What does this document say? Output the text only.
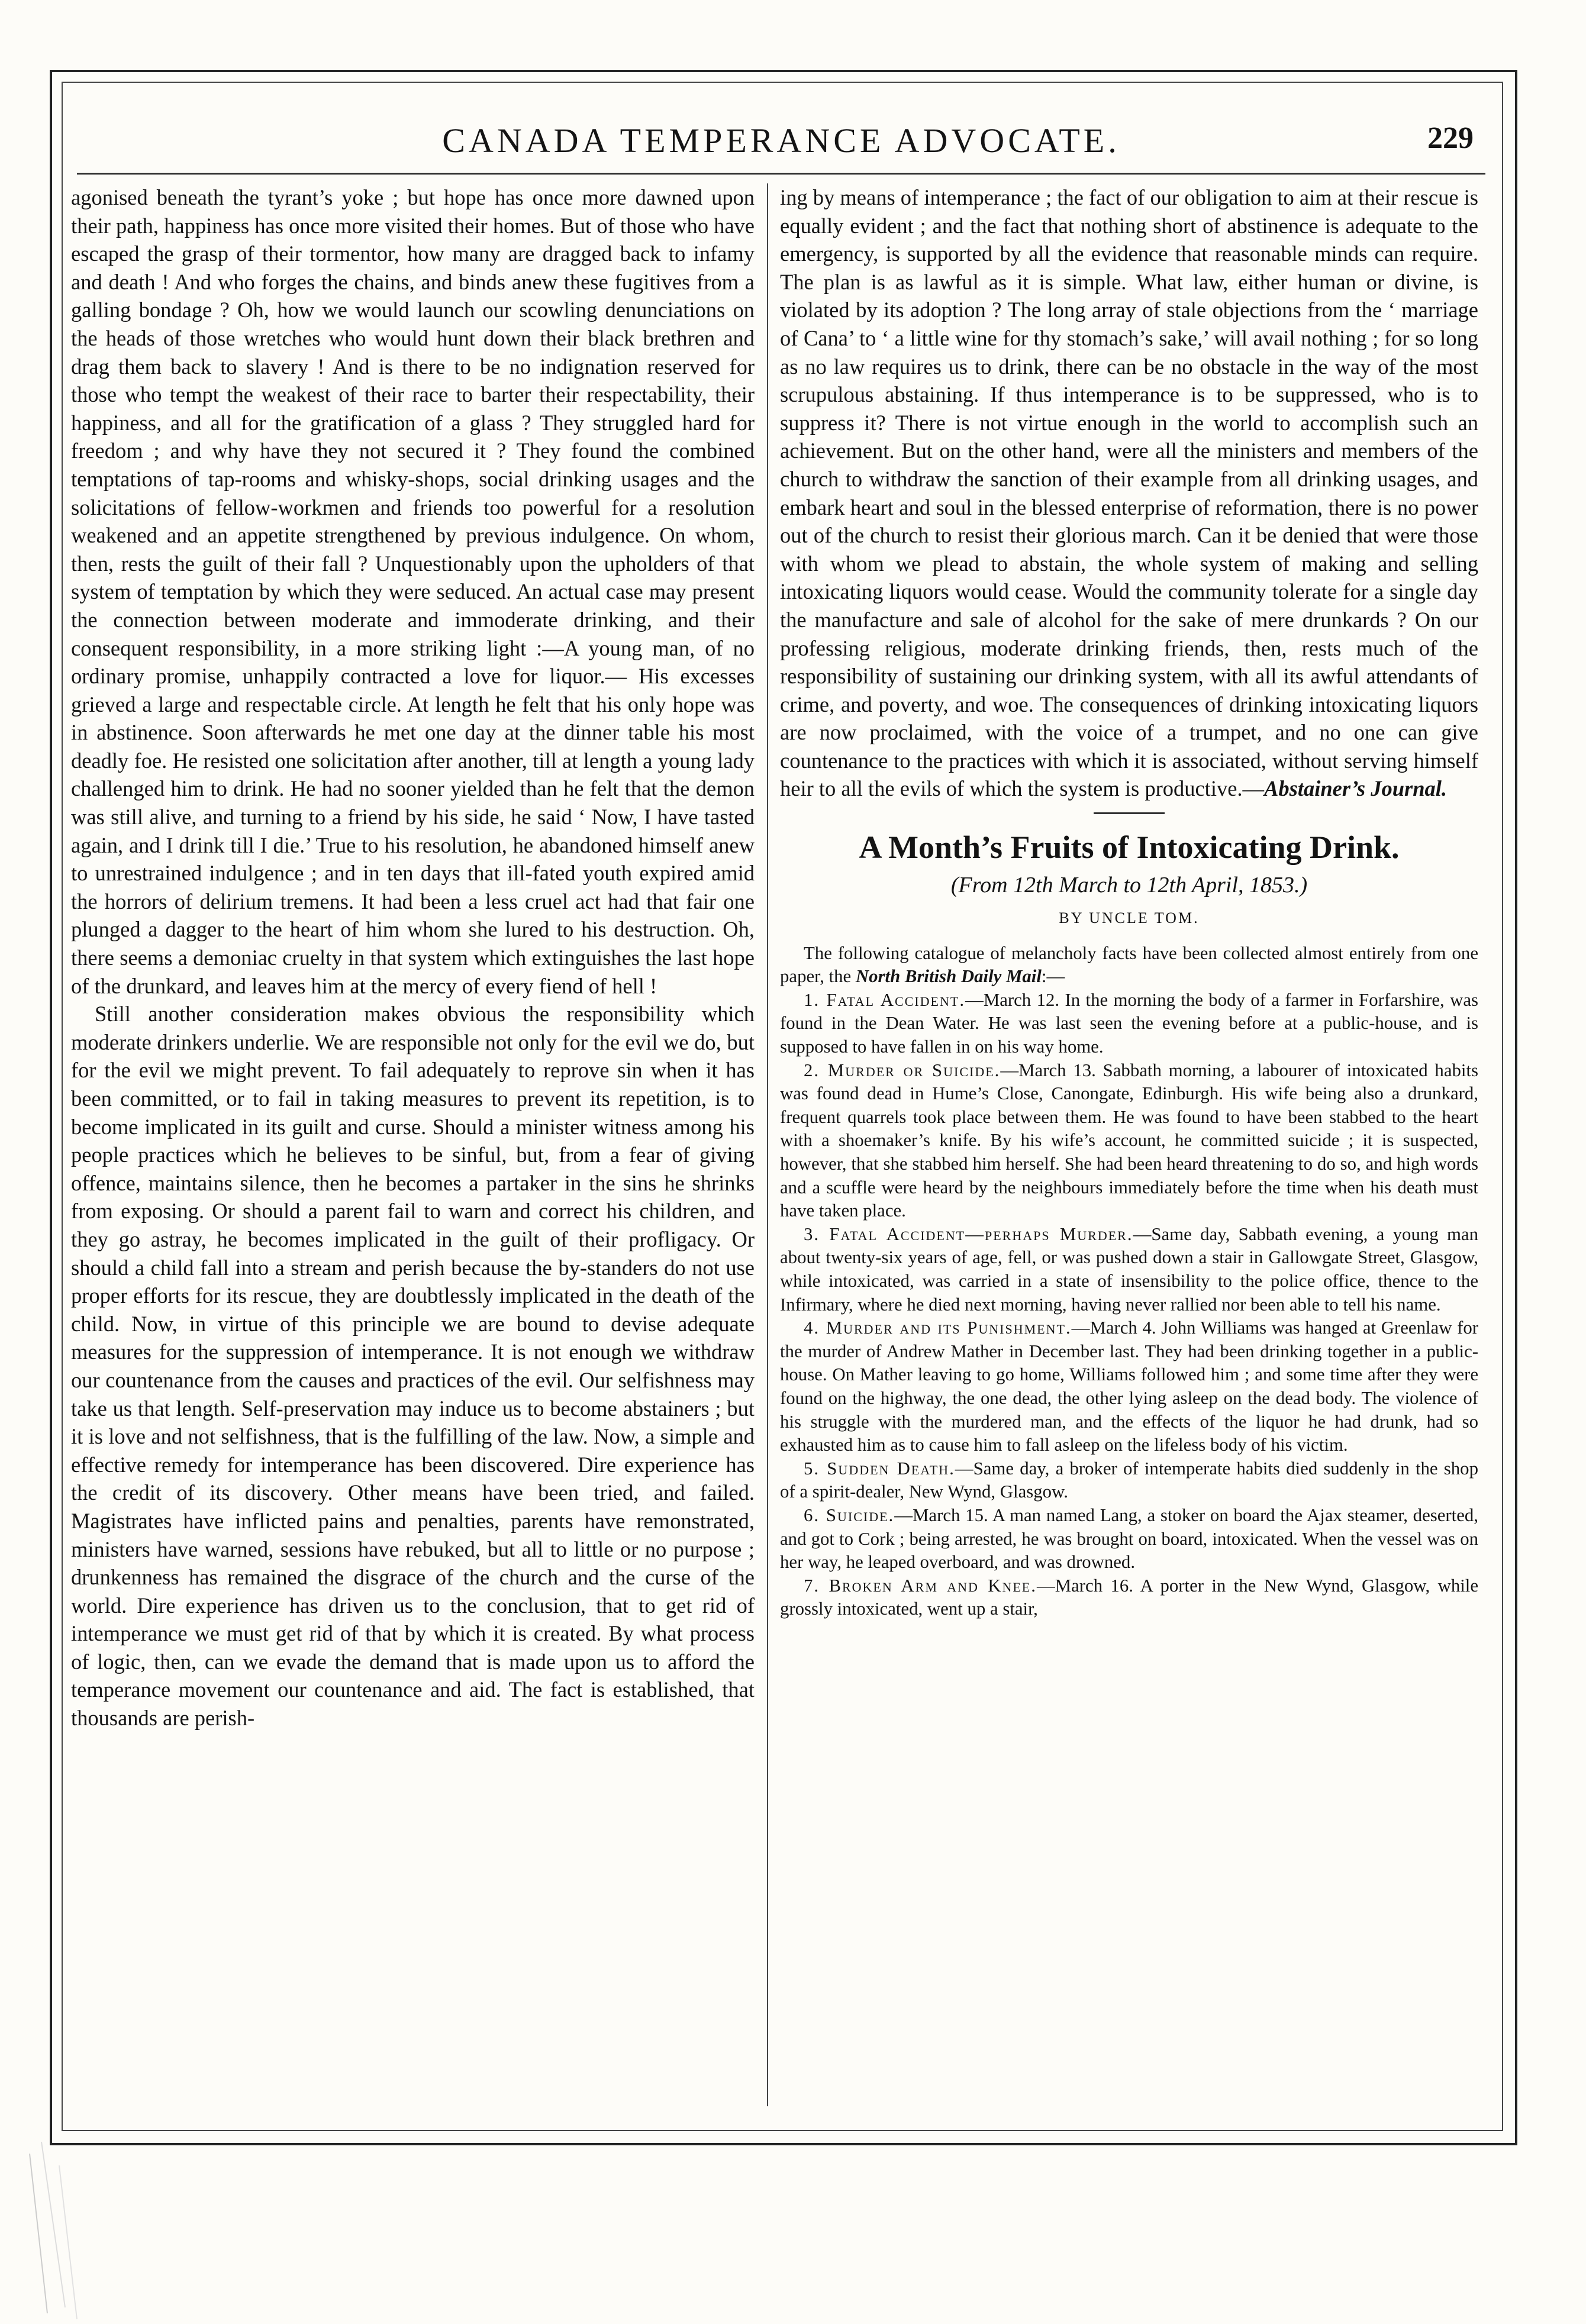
CANADA TEMPERANCE ADVOCATE.	229

agonised beneath the tyrant’s yoke ; but hope has once more dawned upon their path, happiness has once more visited their homes. But of those who have escaped the grasp of their tormentor, how many are dragged back to infamy and death ! And who forges the chains, and binds anew these fugitives from a galling bondage ? Oh, how we would launch our scowling denunciations on the heads of those wretches who would hunt down their black brethren and drag them back to slavery ! And is there to be no indignation reserved for those who tempt the weakest of their race to barter their respectability, their happiness, and all for the gratification of a glass ? They struggled hard for freedom ; and why have they not secured it ? They found the combined temptations of tap-rooms and whisky-shops, social drinking usages and the solicitations of fellow-workmen and friends too powerful for a resolution weakened and an appetite strengthened by previous indulgence. On whom, then, rests the guilt of their fall ? Unquestionably upon the upholders of that system of temptation by which they were seduced. An actual case may present the connection between moderate and immoderate drinking, and their consequent responsibility, in a more striking light :—A young man, of no ordinary promise, unhappily contracted a love for liquor.— His excesses grieved a large and respectable circle. At length he felt that his only hope was in abstinence. Soon afterwards he met one day at the dinner table his most deadly foe. He resisted one solicitation after another, till at length a young lady challenged him to drink. He had no sooner yielded than he felt that the demon was still alive, and turning to a friend by his side, he said ‘ Now, I have tasted again, and I drink till I die.’ True to his resolution, he abandoned himself anew to unrestrained indulgence ; and in ten days that ill-fated youth expired amid the horrors of delirium tremens. It had been a less cruel act had that fair one plunged a dagger to the heart of him whom she lured to his destruction. Oh, there seems a demoniac cruelty in that system which extinguishes the last hope of the drunkard, and leaves him at the mercy of every fiend of hell !

Still another consideration makes obvious the responsibility which moderate drinkers underlie. We are responsible not only for the evil we do, but for the evil we might prevent. To fail adequately to reprove sin when it has been committed, or to fail in taking measures to prevent its repetition, is to become implicated in its guilt and curse. Should a minister witness among his people practices which he believes to be sinful, but, from a fear of giving offence, maintains silence, then he becomes a partaker in the sins he shrinks from exposing. Or should a parent fail to warn and correct his children, and they go astray, he becomes implicated in the guilt of their profligacy. Or should a child fall into a stream and perish because the by-standers do not use proper efforts for its rescue, they are doubtlessly implicated in the death of the child. Now, in virtue of this principle we are bound to devise adequate measures for the suppression of intemperance. It is not enough we withdraw our countenance from the causes and practices of the evil. Our selfishness may take us that length. Self-preservation may induce us to become abstainers ; but it is love and not selfishness, that is the fulfilling of the law. Now, a simple and effective remedy for intemperance has been discovered. Dire experience has the credit of its discovery. Other means have been tried, and failed. Magistrates have inflicted pains and penalties, parents have remonstrated, ministers have warned, sessions have rebuked, but all to little or no purpose ; drunkenness has remained the disgrace of the church and the curse of the world. Dire experience has driven us to the conclusion, that to get rid of intemperance we must get rid of that by which it is created. By what process of logic, then, can we evade the demand that is made upon us to afford the temperance movement our countenance and aid. The fact is established, that thousands are perish-

ing by means of intemperance ; the fact of our obligation to aim at their rescue is equally evident ; and the fact that nothing short of abstinence is adequate to the emergency, is supported by all the evidence that reasonable minds can require. The plan is as lawful as it is simple. What law, either human or divine, is violated by its adoption ? The long array of stale objections from the ‘ marriage of Cana’ to ‘ a little wine for thy stomach’s sake,’ will avail nothing ; for so long as no law requires us to drink, there can be no obstacle in the way of the most scrupulous abstaining. If thus intemperance is to be suppressed, who is to suppress it? There is not virtue enough in the world to accomplish such an achievement. But on the other hand, were all the ministers and members of the church to withdraw the sanction of their example from all drinking usages, and embark heart and soul in the blessed enterprise of reformation, there is no power out of the church to resist their glorious march. Can it be denied that were those with whom we plead to abstain, the whole system of making and selling intoxicating liquors would cease. Would the community tolerate for a single day the manufacture and sale of alcohol for the sake of mere drunkards ? On our professing religious, moderate drinking friends, then, rests much of the responsibility of sustaining our drinking system, with all its awful attendants of crime, and poverty, and woe. The consequences of drinking intoxicating liquors are now proclaimed, with the voice of a trumpet, and no one can give countenance to the practices with which it is associated, without serving himself heir to all the evils of which the system is productive.—Abstainer’s Journal.

A Month’s Fruits of Intoxicating Drink.
(From 12th March to 12th April, 1853.)
BY UNCLE TOM.

The following catalogue of melancholy facts have been collected almost entirely from one paper, the North British Daily Mail:—

1. Fatal Accident.—March 12. In the morning the body of a farmer in Forfarshire, was found in the Dean Water. He was last seen the evening before at a public-house, and is supposed to have fallen in on his way home.

2. Murder or Suicide.—March 13. Sabbath morning, a labourer of intoxicated habits was found dead in Hume’s Close, Canongate, Edinburgh. His wife being also a drunkard, frequent quarrels took place between them. He was found to have been stabbed to the heart with a shoemaker’s knife. By his wife’s account, he committed suicide ; it is suspected, however, that she stabbed him herself. She had been heard threatening to do so, and high words and a scuffle were heard by the neighbours immediately before the time when his death must have taken place.

3. Fatal Accident—perhaps Murder.—Same day, Sabbath evening, a young man about twenty-six years of age, fell, or was pushed down a stair in Gallowgate Street, Glasgow, while intoxicated, was carried in a state of insensibility to the police office, thence to the Infirmary, where he died next morning, having never rallied nor been able to tell his name.

4. Murder and its Punishment.—March 4. John Williams was hanged at Greenlaw for the murder of Andrew Mather in December last. They had been drinking together in a public-house. On Mather leaving to go home, Williams followed him ; and some time after they were found on the highway, the one dead, the other lying asleep on the dead body. The violence of his struggle with the murdered man, and the effects of the liquor he had drunk, had so exhausted him as to cause him to fall asleep on the lifeless body of his victim.

5. Sudden Death.—Same day, a broker of intemperate habits died suddenly in the shop of a spirit-dealer, New Wynd, Glasgow.

6. Suicide.—March 15. A man named Lang, a stoker on board the Ajax steamer, deserted, and got to Cork ; being arrested, he was brought on board, intoxicated. When the vessel was on her way, he leaped overboard, and was drowned.

7. Broken Arm and Knee.—March 16. A porter in the New Wynd, Glasgow, while grossly intoxicated, went up a stair,
